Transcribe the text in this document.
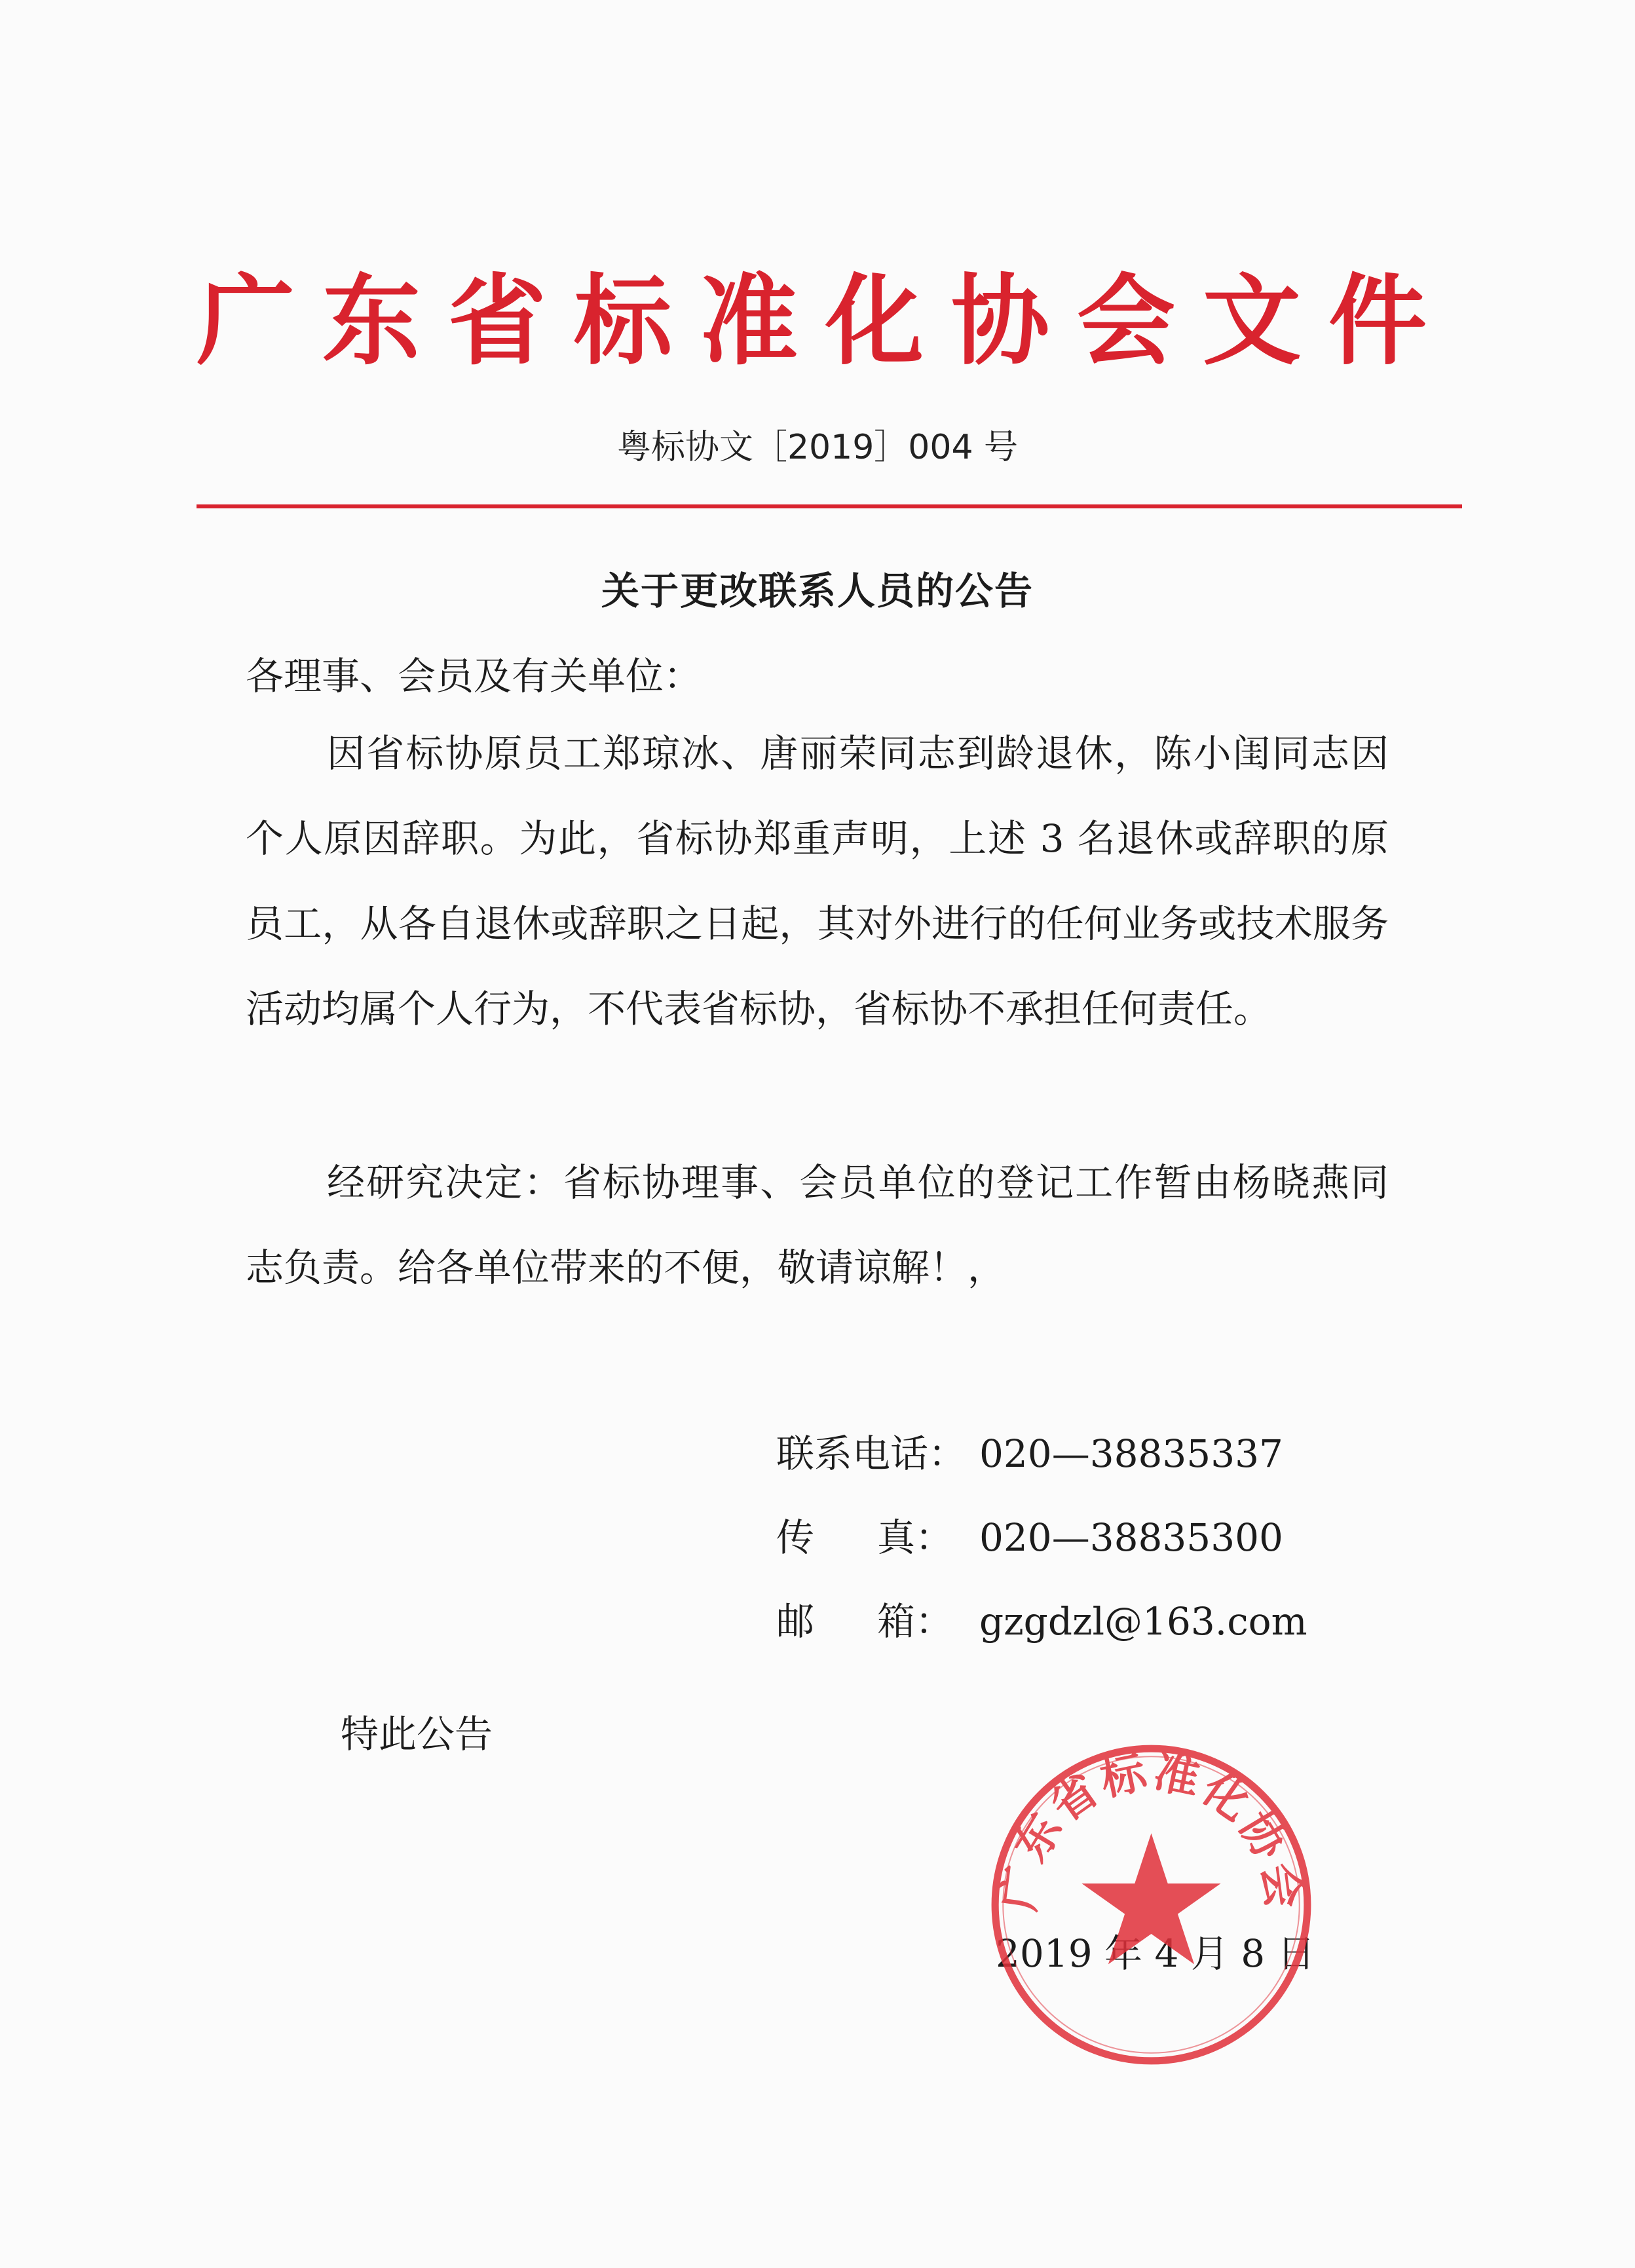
广东省标准化协会文件
粤标协文［2019］004 号
关于更改联系人员的公告
各理事、会员及有关单位：
因省标协原员工郑琼冰、唐丽荣同志到龄退休，陈小闺同志因个人原因辞职。为此，省标协郑重声明，上述 3 名退休或辞职的原员工，从各自退休或辞职之日起，其对外进行的任何业务或技术服务活动均属个人行为，不代表省标协，省标协不承担任何责任。
经研究决定：省标协理事、会员单位的登记工作暂由杨晓燕同志负责。给各单位带来的不便，敬请谅解！，
联系电话： 020—38835337
传真： 020—38835300
邮箱： gzgdzl@163.com
特此公告
2019 年 4 月 8 日
广东省标准化协会
